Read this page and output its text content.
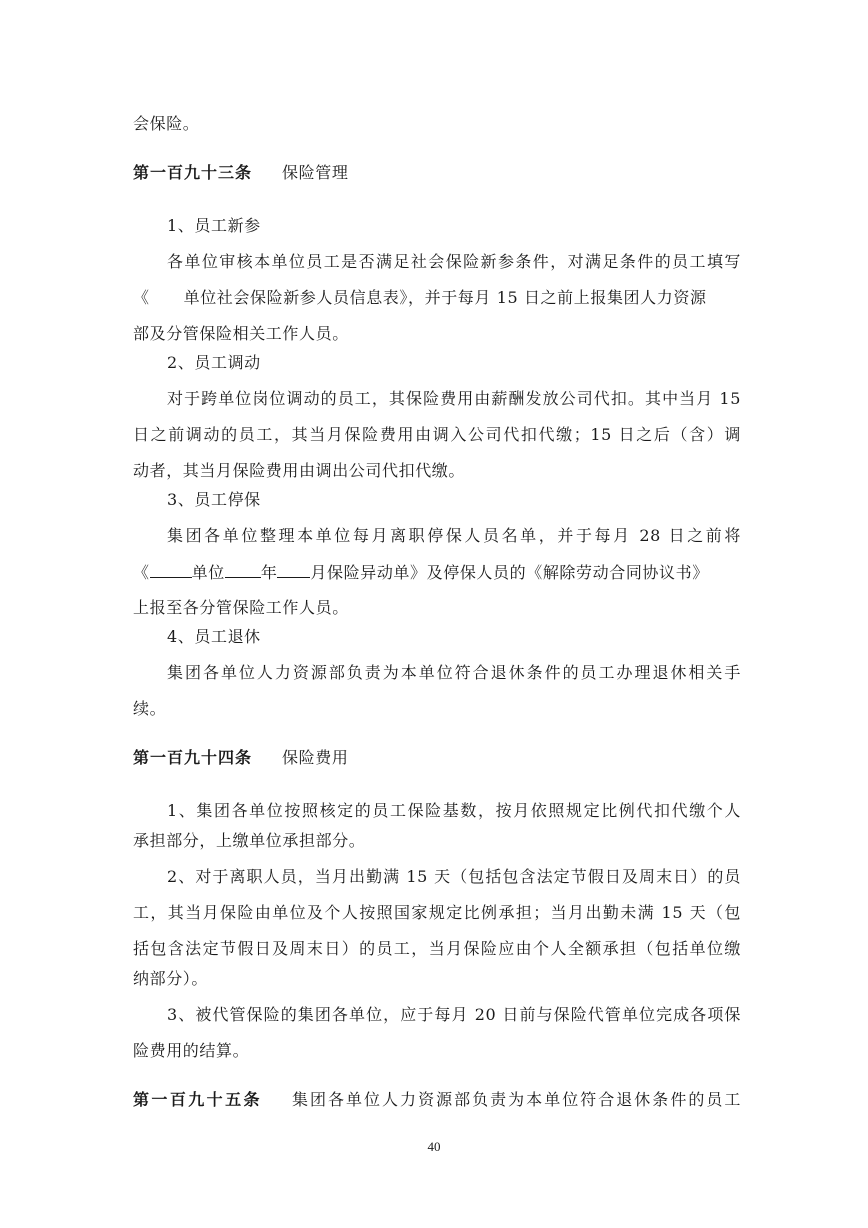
会保险。
第一百九十三条 保险管理
1、员工新参
各单位审核本单位员工是否满足社会保险新参条件，对满足条件的员工填写
《 单位社会保险新参人员信息表》，并于每月 15 日之前上报集团人力资源
部及分管保险相关工作人员。
2、员工调动
对于跨单位岗位调动的员工，其保险费用由薪酬发放公司代扣。其中当月 15
日之前调动的员工，其当月保险费用由调入公司代扣代缴；15 日之后（含）调
动者，其当月保险费用由调出公司代扣代缴。
3、员工停保
集团各单位整理本单位每月离职停保人员名单，并于每月 28 日之前将
《	单位 年 月保险异动单》及停保人员的《解除劳动合同协议书》
上报至各分管保险工作人员。
4、员工退休
集团各单位人力资源部负责为本单位符合退休条件的员工办理退休相关手
续。
第一百九十四条 保险费用
1、集团各单位按照核定的员工保险基数，按月依照规定比例代扣代缴个人
承担部分，上缴单位承担部分。
2、对于离职人员，当月出勤满 15 天（包括包含法定节假日及周末日）的员
工，其当月保险由单位及个人按照国家规定比例承担；当月出勤未满 15 天（包
括包含法定节假日及周末日）的员工，当月保险应由个人全额承担（包括单位缴
纳部分）。
3、被代管保险的集团各单位，应于每月 20 日前与保险代管单位完成各项保
险费用的结算。
第一百九十五条 集团各单位人力资源部负责为本单位符合退休条件的员工
40
